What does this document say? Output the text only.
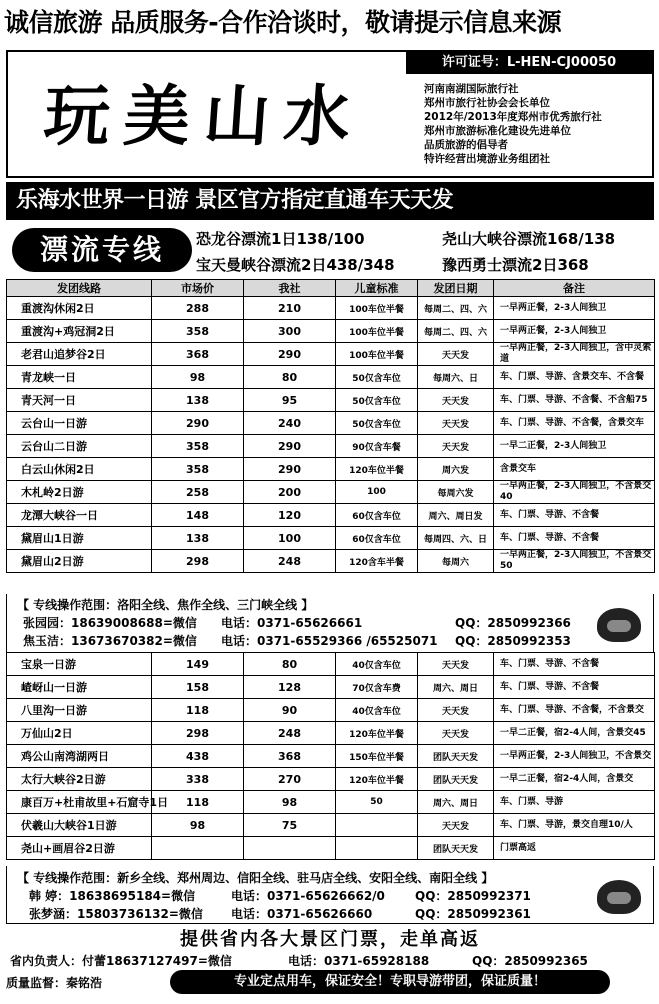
诚信旅游 品质服务-合作洽谈时，敬请提示信息来源
许可证号：L-HEN-CJ00050
玩美山水	河南南湖国际旅行社
郑州市旅行社协会会长单位
2012年/2013年度郑州市优秀旅行社
郑州市旅游标准化建设先进单位
品质旅游的倡导者
特许经营出境游业务组团社
乐海水世界一日游 景区官方指定直通车天天发
漂流专线	恐龙谷漂流1日138/100	尧山大峡谷漂流168/138
宝天曼峡谷漂流2日438/348	豫西勇士漂流2日368
发团线路	市场价	我社	儿童标准	发团日期	备注
重渡沟休闲2日	288	210	100车位半餐	每周二、四、六	一早两正餐，2-3人间独卫
重渡沟+鸡冠洞2日	358	300	100车位半餐	每周二、四、六	一早两正餐，2-3人间独卫
老君山追梦谷2日	368	290	100车位半餐	天天发	一早两正餐，2-3人间独卫，含中灵索道
青龙峡一日	98	80	50仅含车位	每周六、日	车、门票、导游、含景交车、不含餐
青天河一日	138	95	50仅含车位	天天发	车、门票、导游、不含餐、不含船75
云台山一日游	290	240	50仅含车位	天天发	车、门票、导游、不含餐，含景交车
云台山二日游	358	290	90仅含车餐	天天发	一早二正餐，2-3人间独卫
白云山休闲2日	358	290	120车位半餐	周六发	含景交车
木札岭2日游	258	200	100	每周六发	一早两正餐，2-3人间独卫，不含景交40
龙潭大峡谷一日	148	120	60仅含车位	周六、周日发	车、门票、导游、不含餐
黛眉山1日游	138	100	60仅含车位	每周四、六、日	车、门票、导游、不含餐
黛眉山2日游	298	248	120含车半餐	每周六	一早两正餐，2-3人间独卫，不含景交50
【 专线操作范围：洛阳全线、焦作全线、三门峡全线 】
张园园：18639008688=微信 电话：0371-65626661	QQ：2850992366
焦玉洁：13673670382=微信 电话：0371-65529366 /65525071 QQ：2850992353
宝泉一日游	149	80	40仅含车位	天天发	车、门票、导游、不含餐
嵖岈山一日游	158	128	70仅含车费	周六、周日	车、门票、导游、不含餐
八里沟一日游	118	90	40仅含车位	天天发	车、门票、导游、不含餐，不含景交
万仙山2日	298	248	120车位半餐	天天发	一早二正餐，宿2-4人间，含景交45
鸡公山南湾湖两日	438	368	150车位半餐	团队天天发	一早两正餐，2-3人间独卫，不含景交
太行大峡谷2日游	338	270	120车位半餐	团队天天发	一早二正餐，宿2-4人间，含景交
康百万+杜甫故里+石窟寺1日	118	98	50	周六、周日	车、门票、导游
伏羲山大峡谷1日游	98	75		天天发	车、门票、导游，景交自理10/人
尧山+画眉谷2日游				团队天天发	门票高返
【 专线操作范围：新乡全线、郑州周边、信阳全线、驻马店全线、安阳全线、南阳全线 】
韩 婷：18638695184=微信	电话：0371-65626662/0	QQ：2850992371
张梦涵：15803736132=微信 电话：0371-65626660	QQ：2850992361
提供省内各大景区门票，走单高返
省内负责人：付蕾18637127497=微信	电话：0371-65928188	QQ：2850992365
质量监督：秦铭浩	专业定点用车，保证安全！专职导游带团，保证质量！
